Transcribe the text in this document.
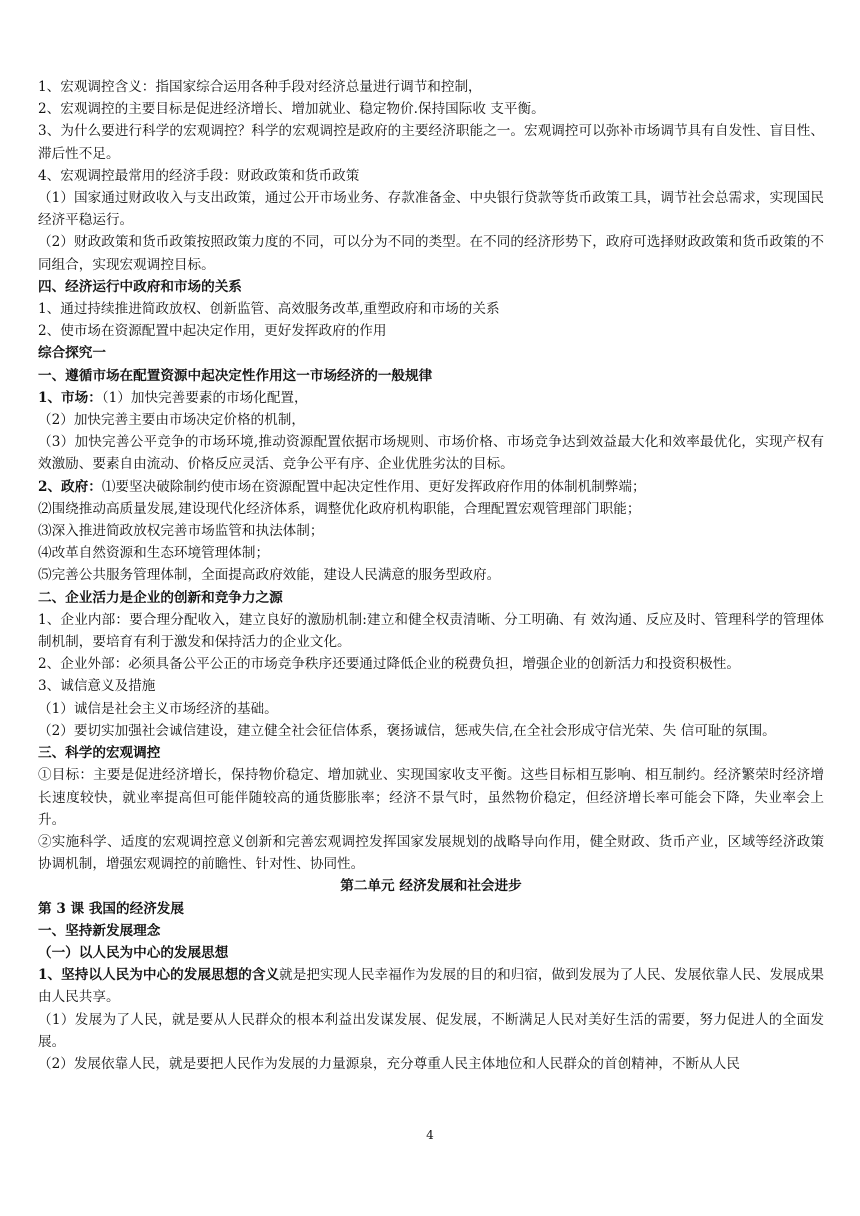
1、宏观调控含义：指国家综合运用各种手段对经济总量进行调节和控制，

2、宏观调控的主要目标是促进经济增长、增加就业、稳定物价.保持国际收 支平衡。

3、为什么要进行科学的宏观调控？科学的宏观调控是政府的主要经济职能之一。宏观调控可以弥补市场调节具有自发性、盲目性、滞后性不足。

4、宏观调控最常用的经济手段：财政政策和货币政策

（1）国家通过财政收入与支出政策，通过公开市场业务、存款准备金、中央银行贷款等货币政策工具，调节社会总需求，实现国民经济平稳运行。

（2）财政政策和货币政策按照政策力度的不同，可以分为不同的类型。在不同的经济形势下，政府可选择财政政策和货币政策的不同组合，实现宏观调控目标。

四、经济运行中政府和市场的关系

1、通过持续推进简政放权、创新监管、高效服务改革,重塑政府和市场的关系

2、使市场在资源配置中起决定作用，更好发挥政府的作用

综合探究一

一、遵循市场在配置资源中起决定性作用这一市场经济的一般规律

1、市场：（1）加快完善要素的市场化配置，

（2）加快完善主要由市场决定价格的机制，

（3）加快完善公平竞争的市场环境,推动资源配置依据市场规则、市场价格、市场竞争达到效益最大化和效率最优化，实现产权有效激励、要素自由流动、价格反应灵活、竞争公平有序、企业优胜劣汰的目标。

2、政府：⑴要坚决破除制约使市场在资源配置中起决定性作用、更好发挥政府作用的体制机制弊端；

⑵围绕推动高质量发展,建设现代化经济体系，调整优化政府机构职能，合理配置宏观管理部门职能；

⑶深入推进简政放权完善市场监管和执法体制；

⑷改革自然资源和生态环境管理体制；

⑸完善公共服务管理体制，全面提高政府效能，建设人民满意的服务型政府。

二、企业活力是企业的创新和竞争力之源

1、企业内部：要合理分配收入，建立良好的激励机制:建立和健全权责清晰、分工明确、有 效沟通、反应及时、管理科学的管理体制机制，要培育有利于激发和保持活力的企业文化。

2、企业外部：必须具备公平公正的市场竞争秩序还要通过降低企业的税费负担，增强企业的创新活力和投资积极性。

3、诚信意义及措施

（1）诚信是社会主义市场经济的基础。

（2）要切实加强社会诚信建设，建立健全社会征信体系，褒扬诚信，惩戒失信,在全社会形成守信光荣、失 信可耻的氛围。

三、科学的宏观调控

①目标：主要是促进经济增长，保持物价稳定、增加就业、实现国家收支平衡。这些目标相互影响、相互制约。经济繁荣时经济增长速度较快，就业率提高但可能伴随较高的通货膨胀率；经济不景气时，虽然物价稳定，但经济增长率可能会下降，失业率会上升。

②实施科学、适度的宏观调控意义创新和完善宏观调控发挥国家发展规划的战略导向作用，健全财政、货币产业，区域等经济政策协调机制，增强宏观调控的前瞻性、针对性、协同性。

第二单元 经济发展和社会进步

第 3 课 我国的经济发展

一、坚持新发展理念

（一）以人民为中心的发展思想

1、坚持以人民为中心的发展思想的含义就是把实现人民幸福作为发展的目的和归宿，做到发展为了人民、发展依靠人民、发展成果由人民共享。

（1）发展为了人民，就是要从人民群众的根本利益出发谋发展、促发展，不断满足人民对美好生活的需要，努力促进人的全面发展。

（2）发展依靠人民，就是要把人民作为发展的力量源泉，充分尊重人民主体地位和人民群众的首创精神，不断从人民

4
